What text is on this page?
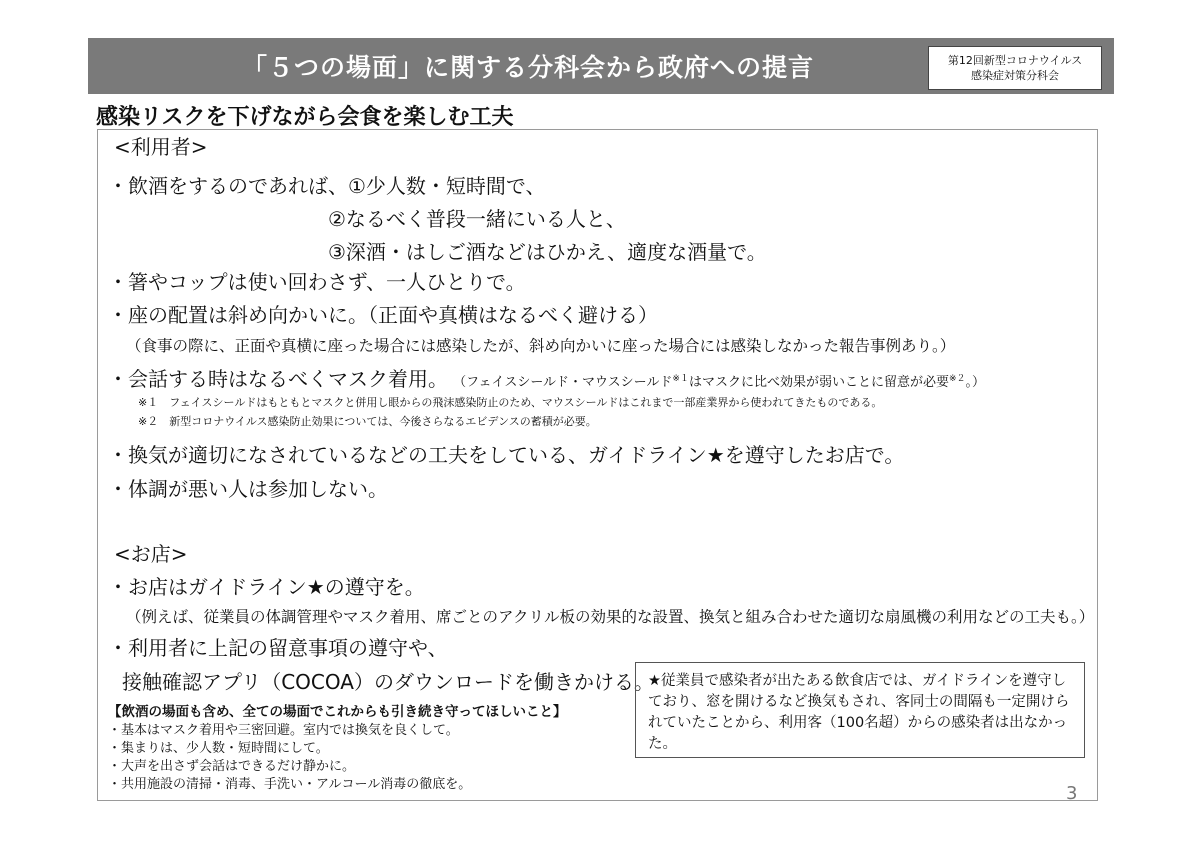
「５つの場面」に関する分科会から政府への提言	第12回新型コロナウイルス
感染症対策分科会
感染リスクを下げながら会食を楽しむ工夫
<利用者>
・飲酒をするのであれば、①少人数・短時間で、
②なるべく普段一緒にいる人と、
③深酒・はしご酒などはひかえ、適度な酒量で。
・箸やコップは使い回わさず、一人ひとりで。
・座の配置は斜め向かいに。（正面や真横はなるべく避ける）
（食事の際に、正面や真横に座った場合には感染したが、斜め向かいに座った場合には感染しなかった報告事例あり。）
・会話する時はなるべくマスク着用。 （フェイスシールド・マウスシールド$^{※1}$はマスクに比べ効果が弱いことに留意が必要$^{※2}$。）
※１　フェイスシールドはもともとマスクと併用し眼からの飛沫感染防止のため、マウスシールドはこれまで一部産業界から使われてきたものである。
※２　新型コロナウイルス感染防止効果については、今後さらなるエビデンスの蓄積が必要。
・換気が適切になされているなどの工夫をしている、ガイドライン★を遵守したお店で。
・体調が悪い人は参加しない。
<お店>
・お店はガイドライン★の遵守を。
（例えば、従業員の体調管理やマスク着用、席ごとのアクリル板の効果的な設置、換気と組み合わせた適切な扇風機の利用などの工夫も。）
・利用者に上記の留意事項の遵守や、
接触確認アプリ（COCOA）のダウンロードを働きかける。
【飲酒の場面も含め、全ての場面でこれからも引き続き守ってほしいこと】
・基本はマスク着用や三密回避。室内では換気を良くして。
・集まりは、少人数・短時間にして。
・大声を出さず会話はできるだけ静かに。
・共用施設の清掃・消毒、手洗い・アルコール消毒の徹底を。
★従業員で感染者が出たある飲食店では、ガイドラインを遵守しており、窓を開けるなど換気もされ、客同士の間隔も一定開けられていたことから、利用客（100名超）からの感染者は出なかった。
3
